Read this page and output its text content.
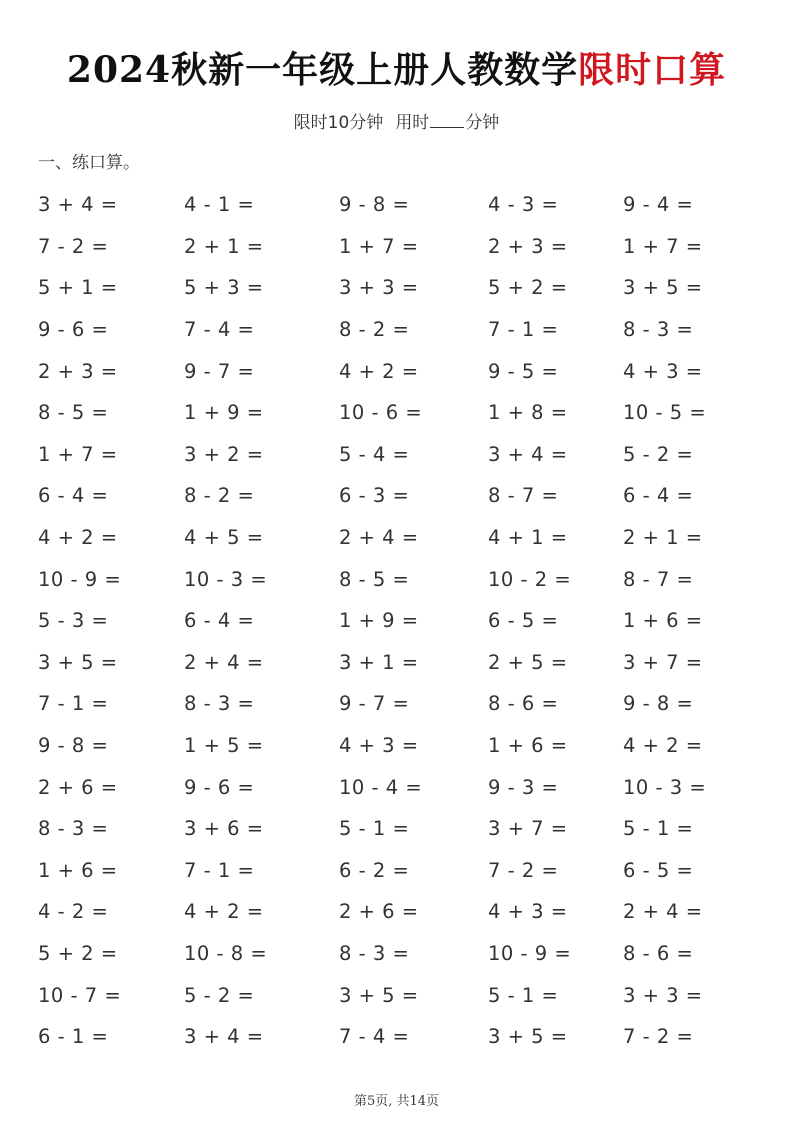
2024秋新一年级上册人教数学限时口算
限时10分钟 用时 分钟
一、练口算。
3 + 4 =	4 - 1 =	9 - 8 =	4 - 3 =	9 - 4 =
7 - 2 =	2 + 1 =	1 + 7 =	2 + 3 =	1 + 7 =
5 + 1 =	5 + 3 =	3 + 3 =	5 + 2 =	3 + 5 =
9 - 6 =	7 - 4 =	8 - 2 =	7 - 1 =	8 - 3 =
2 + 3 =	9 - 7 =	4 + 2 =	9 - 5 =	4 + 3 =
8 - 5 =	1 + 9 =	10 - 6 =	1 + 8 =	10 - 5 =
1 + 7 =	3 + 2 =	5 - 4 =	3 + 4 =	5 - 2 =
6 - 4 =	8 - 2 =	6 - 3 =	8 - 7 =	6 - 4 =
4 + 2 =	4 + 5 =	2 + 4 =	4 + 1 =	2 + 1 =
10 - 9 =	10 - 3 =	8 - 5 =	10 - 2 =	8 - 7 =
5 - 3 =	6 - 4 =	1 + 9 =	6 - 5 =	1 + 6 =
3 + 5 =	2 + 4 =	3 + 1 =	2 + 5 =	3 + 7 =
7 - 1 =	8 - 3 =	9 - 7 =	8 - 6 =	9 - 8 =
9 - 8 =	1 + 5 =	4 + 3 =	1 + 6 =	4 + 2 =
2 + 6 =	9 - 6 =	10 - 4 =	9 - 3 =	10 - 3 =
8 - 3 =	3 + 6 =	5 - 1 =	3 + 7 =	5 - 1 =
1 + 6 =	7 - 1 =	6 - 2 =	7 - 2 =	6 - 5 =
4 - 2 =	4 + 2 =	2 + 6 =	4 + 3 =	2 + 4 =
5 + 2 =	10 - 8 =	8 - 3 =	10 - 9 =	8 - 6 =
10 - 7 =	5 - 2 =	3 + 5 =	5 - 1 =	3 + 3 =
6 - 1 =	3 + 4 =	7 - 4 =	3 + 5 =	7 - 2 =
第5页, 共14页
